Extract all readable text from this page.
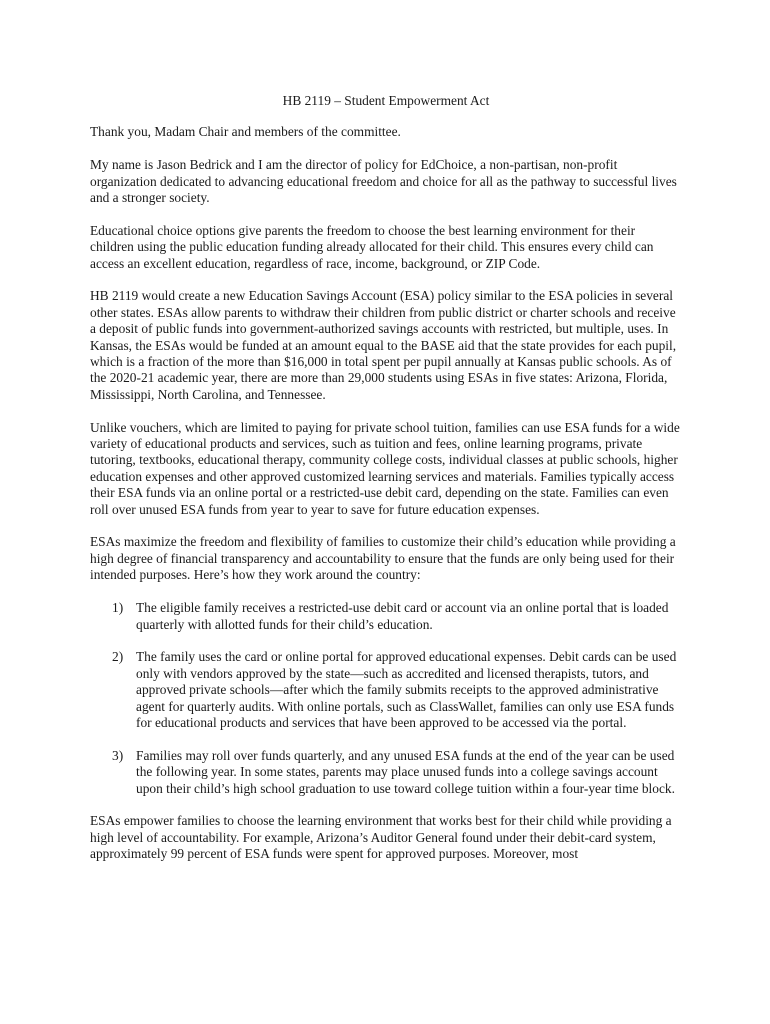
HB 2119 – Student Empowerment Act

Thank you, Madam Chair and members of the committee.

My name is Jason Bedrick and I am the director of policy for EdChoice, a non-partisan, non-profit organization dedicated to advancing educational freedom and choice for all as the pathway to successful lives and a stronger society.

Educational choice options give parents the freedom to choose the best learning environment for their children using the public education funding already allocated for their child. This ensures every child can access an excellent education, regardless of race, income, background, or ZIP Code.

HB 2119 would create a new Education Savings Account (ESA) policy similar to the ESA policies in several other states. ESAs allow parents to withdraw their children from public district or charter schools and receive a deposit of public funds into government-authorized savings accounts with restricted, but multiple, uses. In Kansas, the ESAs would be funded at an amount equal to the BASE aid that the state provides for each pupil, which is a fraction of the more than $16,000 in total spent per pupil annually at Kansas public schools. As of the 2020-21 academic year, there are more than 29,000 students using ESAs in five states: Arizona, Florida, Mississippi, North Carolina, and Tennessee.

Unlike vouchers, which are limited to paying for private school tuition, families can use ESA funds for a wide variety of educational products and services, such as tuition and fees, online learning programs, private tutoring, textbooks, educational therapy, community college costs, individual classes at public schools, higher education expenses and other approved customized learning services and materials. Families typically access their ESA funds via an online portal or a restricted-use debit card, depending on the state. Families can even roll over unused ESA funds from year to year to save for future education expenses.

ESAs maximize the freedom and flexibility of families to customize their child’s education while providing a high degree of financial transparency and accountability to ensure that the funds are only being used for their intended purposes. Here’s how they work around the country:

1) The eligible family receives a restricted-use debit card or account via an online portal that is loaded quarterly with allotted funds for their child’s education.
2) The family uses the card or online portal for approved educational expenses. Debit cards can be used only with vendors approved by the state—such as accredited and licensed therapists, tutors, and approved private schools—after which the family submits receipts to the approved administrative agent for quarterly audits. With online portals, such as ClassWallet, families can only use ESA funds for educational products and services that have been approved to be accessed via the portal.
3) Families may roll over funds quarterly, and any unused ESA funds at the end of the year can be used the following year. In some states, parents may place unused funds into a college savings account upon their child’s high school graduation to use toward college tuition within a four-year time block.

ESAs empower families to choose the learning environment that works best for their child while providing a high level of accountability. For example, Arizona’s Auditor General found under their debit-card system, approximately 99 percent of ESA funds were spent for approved purposes. Moreover, most
